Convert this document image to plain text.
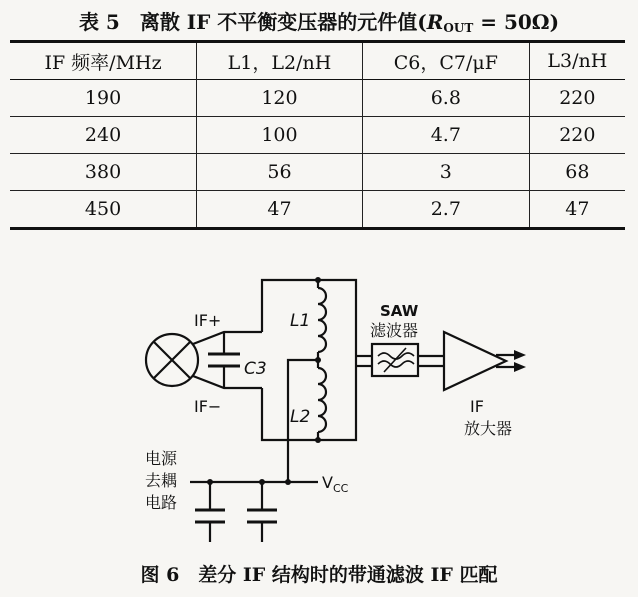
表 5　离散 IF 不平衡变压器的元件值$(R_{OUT} = 50\Omega)$
IF 频率/MHz	L1，L2/nH	C6，C7/μF	L3/nH
190	120	6.8	220
240	100	4.7	220
380	56	3	68
450	47	2.7	47
IF+
IF−
C3
L1
L2
SAW
滤波器
$V_{CC}$
IF
放大器
电源
去耦
电路
图 6　差分 IF 结构时的带通滤波 IF 匹配
